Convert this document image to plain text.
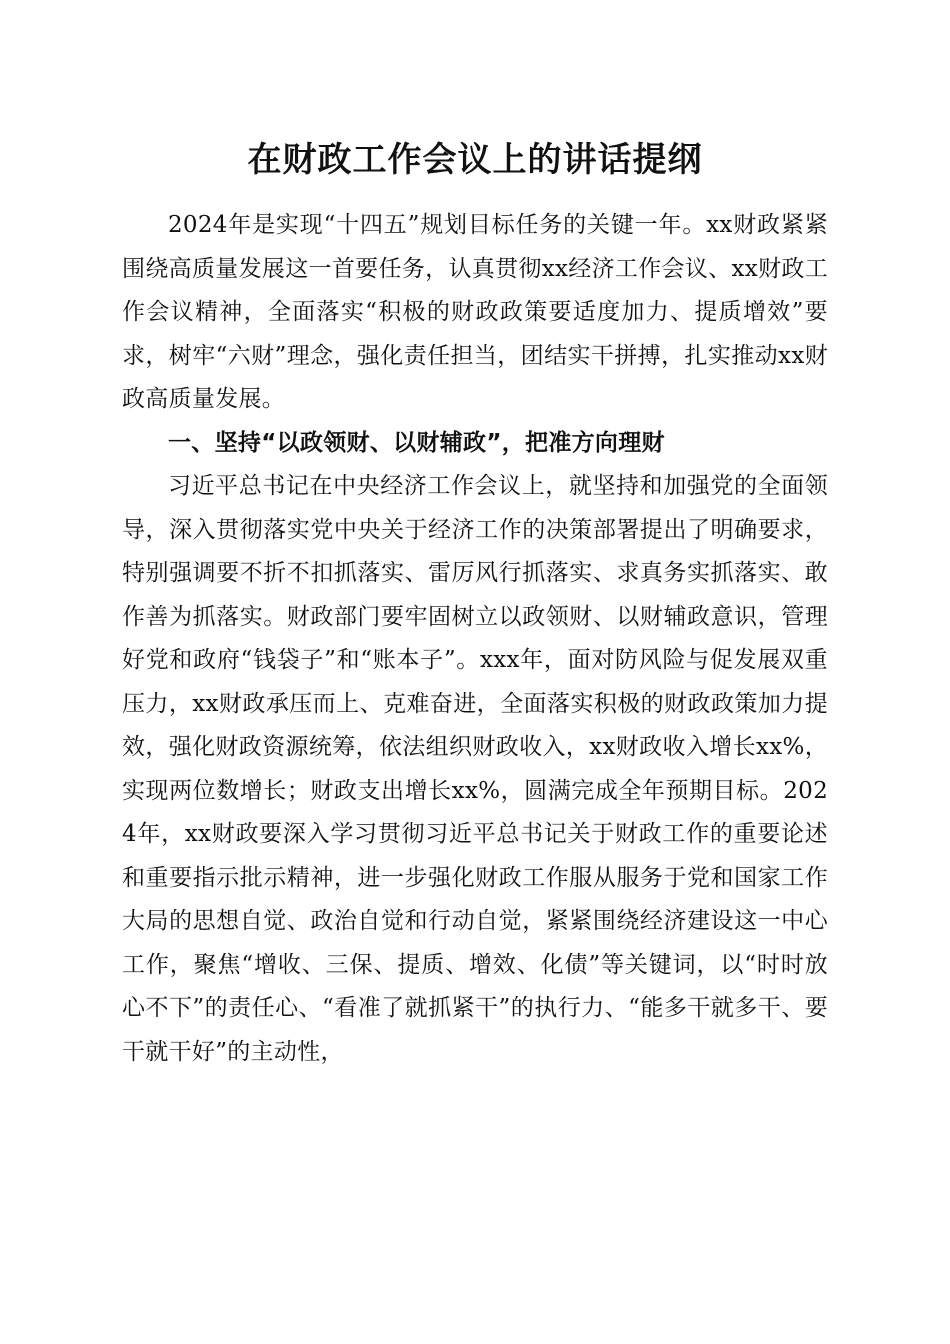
在财政工作会议上的讲话提纲

2024年是实现“十四五”规划目标任务的关键一年。xx财政紧紧围绕高质量发展这一首要任务，认真贯彻xx经济工作会议、xx财政工作会议精神，全面落实“积极的财政政策要适度加力、提质增效”要求，树牢“六财”理念，强化责任担当，团结实干拼搏，扎实推动xx财政高质量发展。

一、坚持“以政领财、以财辅政”，把准方向理财

习近平总书记在中央经济工作会议上，就坚持和加强党的全面领导，深入贯彻落实党中央关于经济工作的决策部署提出了明确要求，特别强调要不折不扣抓落实、雷厉风行抓落实、求真务实抓落实、敢作善为抓落实。财政部门要牢固树立以政领财、以财辅政意识，管理好党和政府“钱袋子”和“账本子”。xxx年，面对防风险与促发展双重压力，xx财政承压而上、克难奋进，全面落实积极的财政政策加力提效，强化财政资源统筹，依法组织财政收入，xx财政收入增长xx%，实现两位数增长；财政支出增长xx%，圆满完成全年预期目标。2024年，xx财政要深入学习贯彻习近平总书记关于财政工作的重要论述和重要指示批示精神，进一步强化财政工作服从服务于党和国家工作大局的思想自觉、政治自觉和行动自觉，紧紧围绕经济建设这一中心工作，聚焦“增收、三保、提质、增效、化债”等关键词，以“时时放心不下”的责任心、“看准了就抓紧干”的执行力、“能多干就多干、要干就干好”的主动性，
